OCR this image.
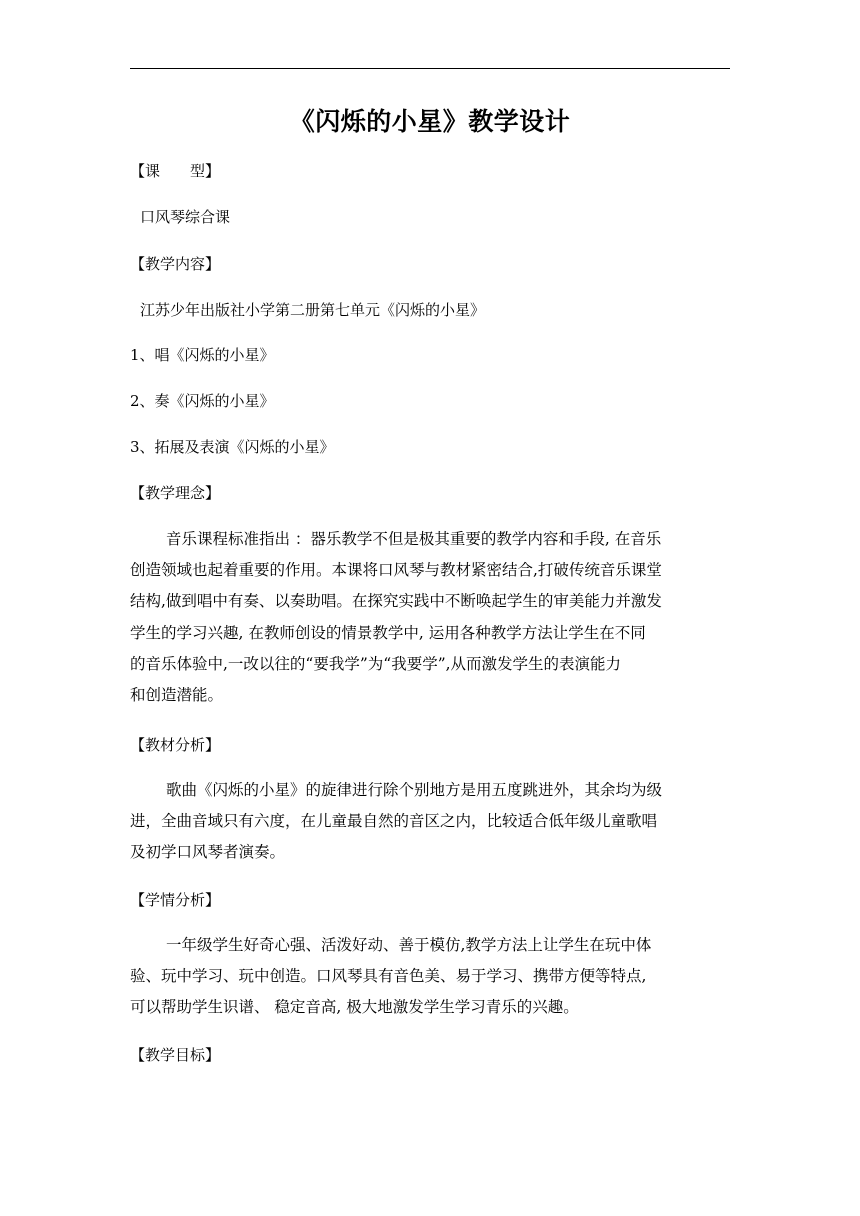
《闪烁的小星》教学设计
【课　　型】
口风琴综合课
【教学内容】
江苏少年出版社小学第二册第七单元《闪烁的小星》
1、唱《闪烁的小星》
2、奏《闪烁的小星》
3、拓展及表演《闪烁的小星》
【教学理念】
音乐课程标准指出 ：器乐教学不但是极其重要的教学内容和手段, 在音乐
创造领域也起着重要的作用。本课将口风琴与教材紧密结合,打破传统音乐课堂
结构,做到唱中有奏、以奏助唱。在探究实践中不断唤起学生的审美能力并激发
学生的学习兴趣, 在教师创设的情景教学中, 运用各种教学方法让学生在不同
的音乐体验中,一改以往的“要我学”为“我要学”,从而激发学生的表演能力
和创造潜能。
【教材分析】
歌曲《闪烁的小星》的旋律进行除个别地方是用五度跳进外，其余均为级
进，全曲音域只有六度，在儿童最自然的音区之内，比较适合低年级儿童歌唱
及初学口风琴者演奏。
【学情分析】
一年级学生好奇心强、活泼好动、善于模仿,教学方法上让学生在玩中体
验、玩中学习、玩中创造。口风琴具有音色美、易于学习、携带方便等特点,
可以帮助学生识谱、 稳定音高, 极大地激发学生学习青乐的兴趣。
【教学目标】
